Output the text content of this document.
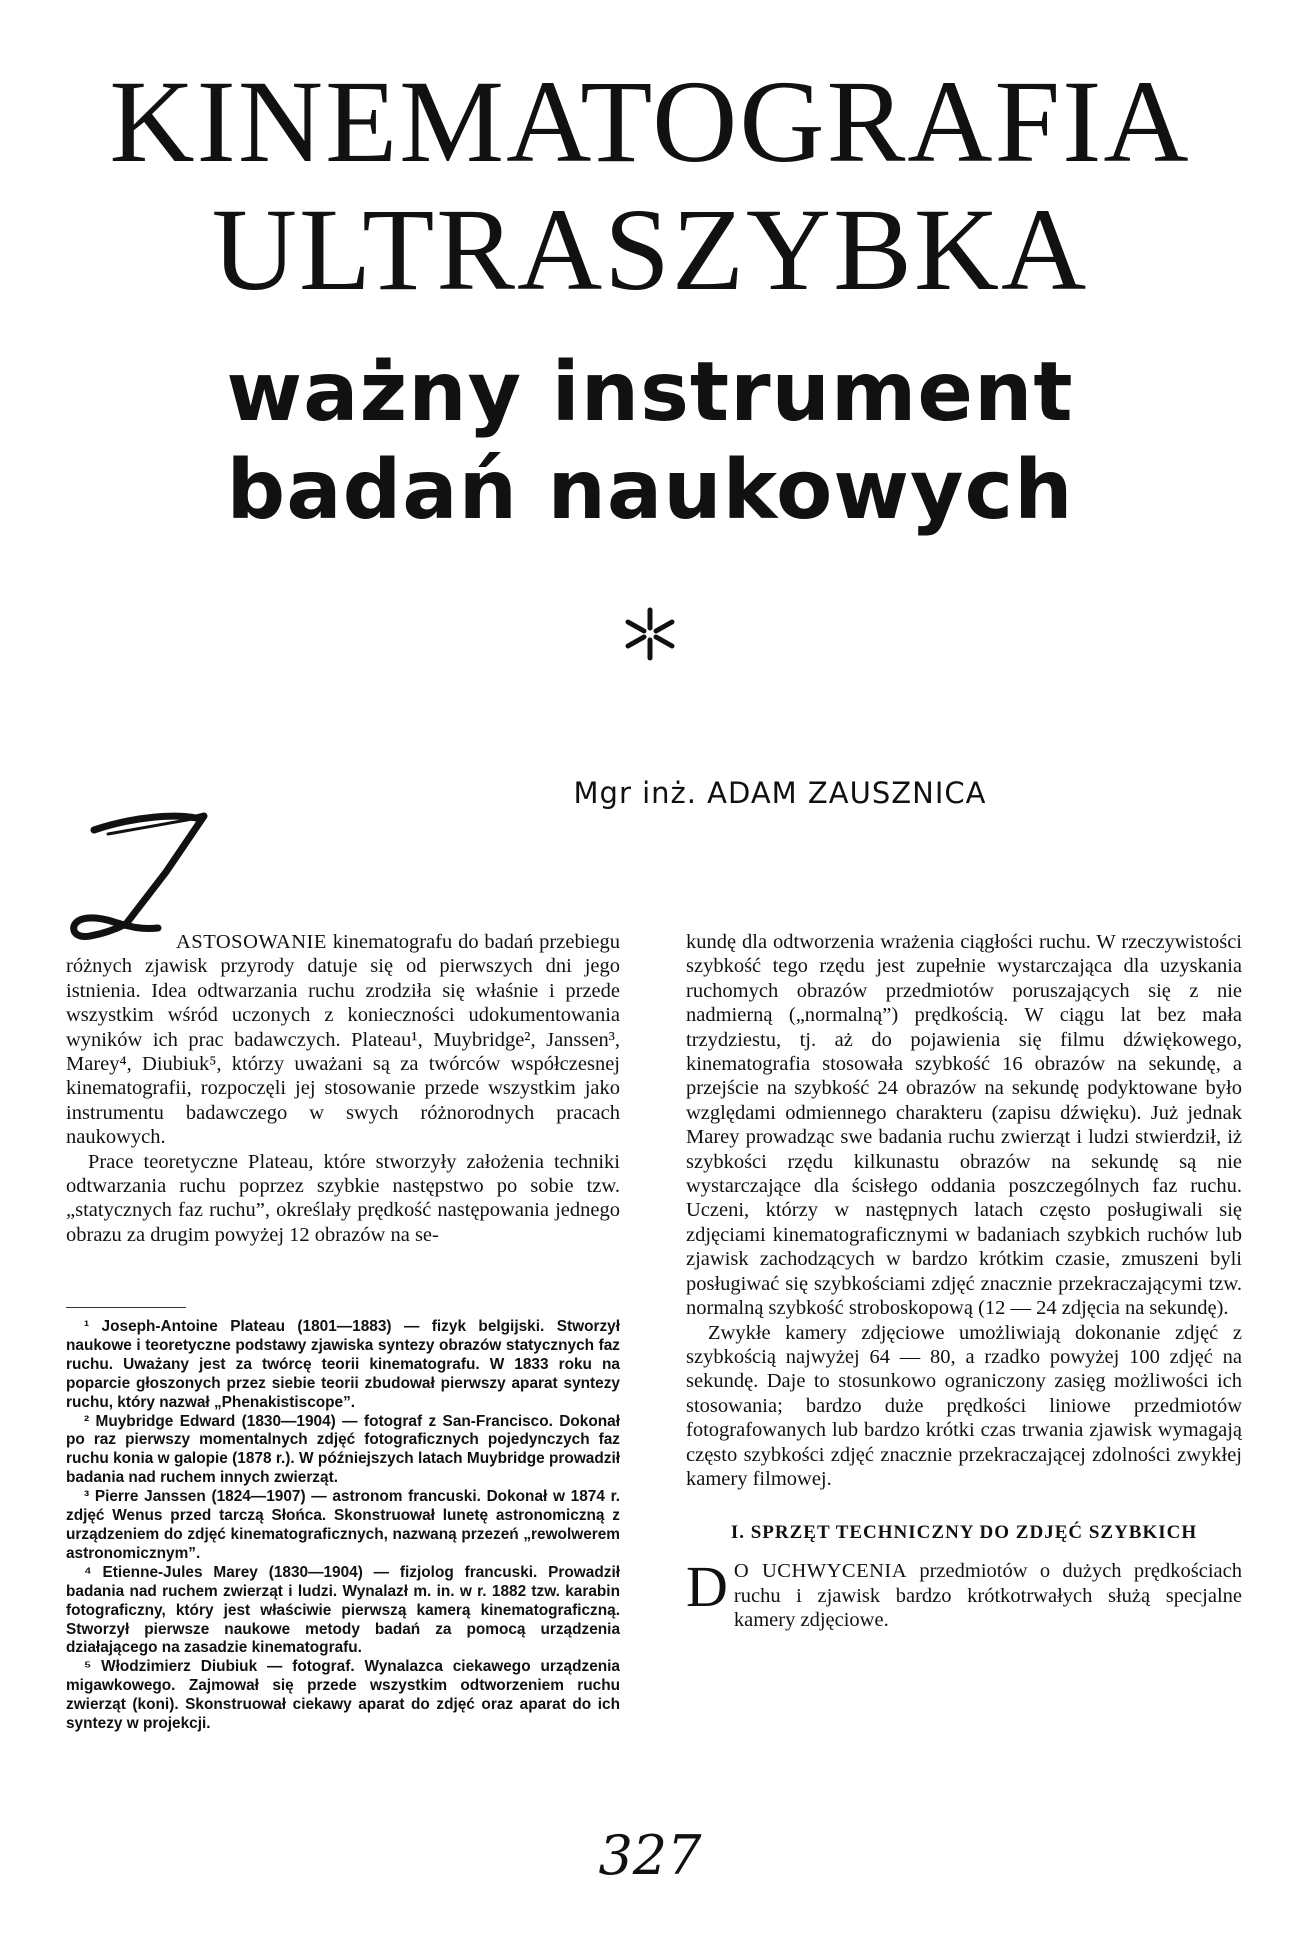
KINEMATOGRAFIA
ULTRASZYBKA
ważny instrument
badań naukowych
Mgr inż. ADAM ZAUSZNICA

ASTOSOWANIE kinematografu do badań przebiegu różnych zjawisk przyrody datuje się od pierwszych dni jego istnienia. Idea odtwarzania ruchu zrodziła się właśnie i przede wszystkim wśród uczonych z konieczności udokumentowania wyników ich prac badawczych. Plateau¹, Muybridge², Janssen³, Marey⁴, Diubiuk⁵, którzy uważani są za twórców współczesnej kinematografii, rozpoczęli jej stosowanie przede wszystkim jako instrumentu badawczego w swych różnorodnych pracach naukowych.

Prace teoretyczne Plateau, które stworzyły założenia techniki odtwarzania ruchu poprzez szybkie następstwo po sobie tzw. „statycznych faz ruchu”, określały prędkość następowania jednego obrazu za drugim powyżej 12 obrazów na se-

¹ Joseph-Antoine Plateau (1801—1883) — fizyk belgijski. Stworzył naukowe i teoretyczne podstawy zjawiska syntezy obrazów statycznych faz ruchu. Uważany jest za twórcę teorii kinematografu. W 1833 roku na poparcie głoszonych przez siebie teorii zbudował pierwszy aparat syntezy ruchu, który nazwał „Phenakistiscope”.

² Muybridge Edward (1830—1904) — fotograf z San-Francisco. Dokonał po raz pierwszy momentalnych zdjęć fotograficznych pojedynczych faz ruchu konia w galopie (1878 r.). W późniejszych latach Muybridge prowadził badania nad ruchem innych zwierząt.

³ Pierre Janssen (1824—1907) — astronom francuski. Dokonał w 1874 r. zdjęć Wenus przed tarczą Słońca. Skonstruował lunetę astronomiczną z urządzeniem do zdjęć kinematograficznych, nazwaną przezeń „rewolwerem astronomicznym”.

⁴ Etienne-Jules Marey (1830—1904) — fizjolog francuski. Prowadził badania nad ruchem zwierząt i ludzi. Wynalazł m. in. w r. 1882 tzw. karabin fotograficzny, który jest właściwie pierwszą kamerą kinematograficzną. Stworzył pierwsze naukowe metody badań za pomocą urządzenia działającego na zasadzie kinematografu.

⁵ Włodzimierz Diubiuk — fotograf. Wynalazca ciekawego urządzenia migawkowego. Zajmował się przede wszystkim odtworzeniem ruchu zwierząt (koni). Skonstruował ciekawy aparat do zdjęć oraz aparat do ich syntezy w projekcji.

kundę dla odtworzenia wrażenia ciągłości ruchu. W rzeczywistości szybkość tego rzędu jest zupełnie wystarczająca dla uzyskania ruchomych obrazów przedmiotów poruszających się z nie nadmierną („normalną”) prędkością. W ciągu lat bez mała trzydziestu, tj. aż do pojawienia się filmu dźwiękowego, kinematografia stosowała szybkość 16 obrazów na sekundę, a przejście na szybkość 24 obrazów na sekundę podyktowane było względami odmiennego charakteru (zapisu dźwięku). Już jednak Marey prowadząc swe badania ruchu zwierząt i ludzi stwierdził, iż szybkości rzędu kilkunastu obrazów na sekundę są nie wystarczające dla ścisłego oddania poszczególnych faz ruchu. Uczeni, którzy w następnych latach często posługiwali się zdjęciami kinematograficznymi w badaniach szybkich ruchów lub zjawisk zachodzących w bardzo krótkim czasie, zmuszeni byli posługiwać się szybkościami zdjęć znacznie przekraczającymi tzw. normalną szybkość stroboskopową (12 — 24 zdjęcia na sekundę).

Zwykłe kamery zdjęciowe umożliwiają dokonanie zdjęć z szybkością najwyżej 64 — 80, a rzadko powyżej 100 zdjęć na sekundę. Daje to stosunkowo ograniczony zasięg możliwości ich stosowania; bardzo duże prędkości liniowe przedmiotów fotografowanych lub bardzo krótki czas trwania zjawisk wymagają często szybkości zdjęć znacznie przekraczającej zdolności zwykłej kamery filmowej.

I. SPRZĘT TECHNICZNY DO ZDJĘĆ SZYBKICH

D O UCHWYCENIA przedmiotów o dużych prędkościach ruchu i zjawisk bardzo krótkotrwałych służą specjalne kamery zdjęciowe.

327
